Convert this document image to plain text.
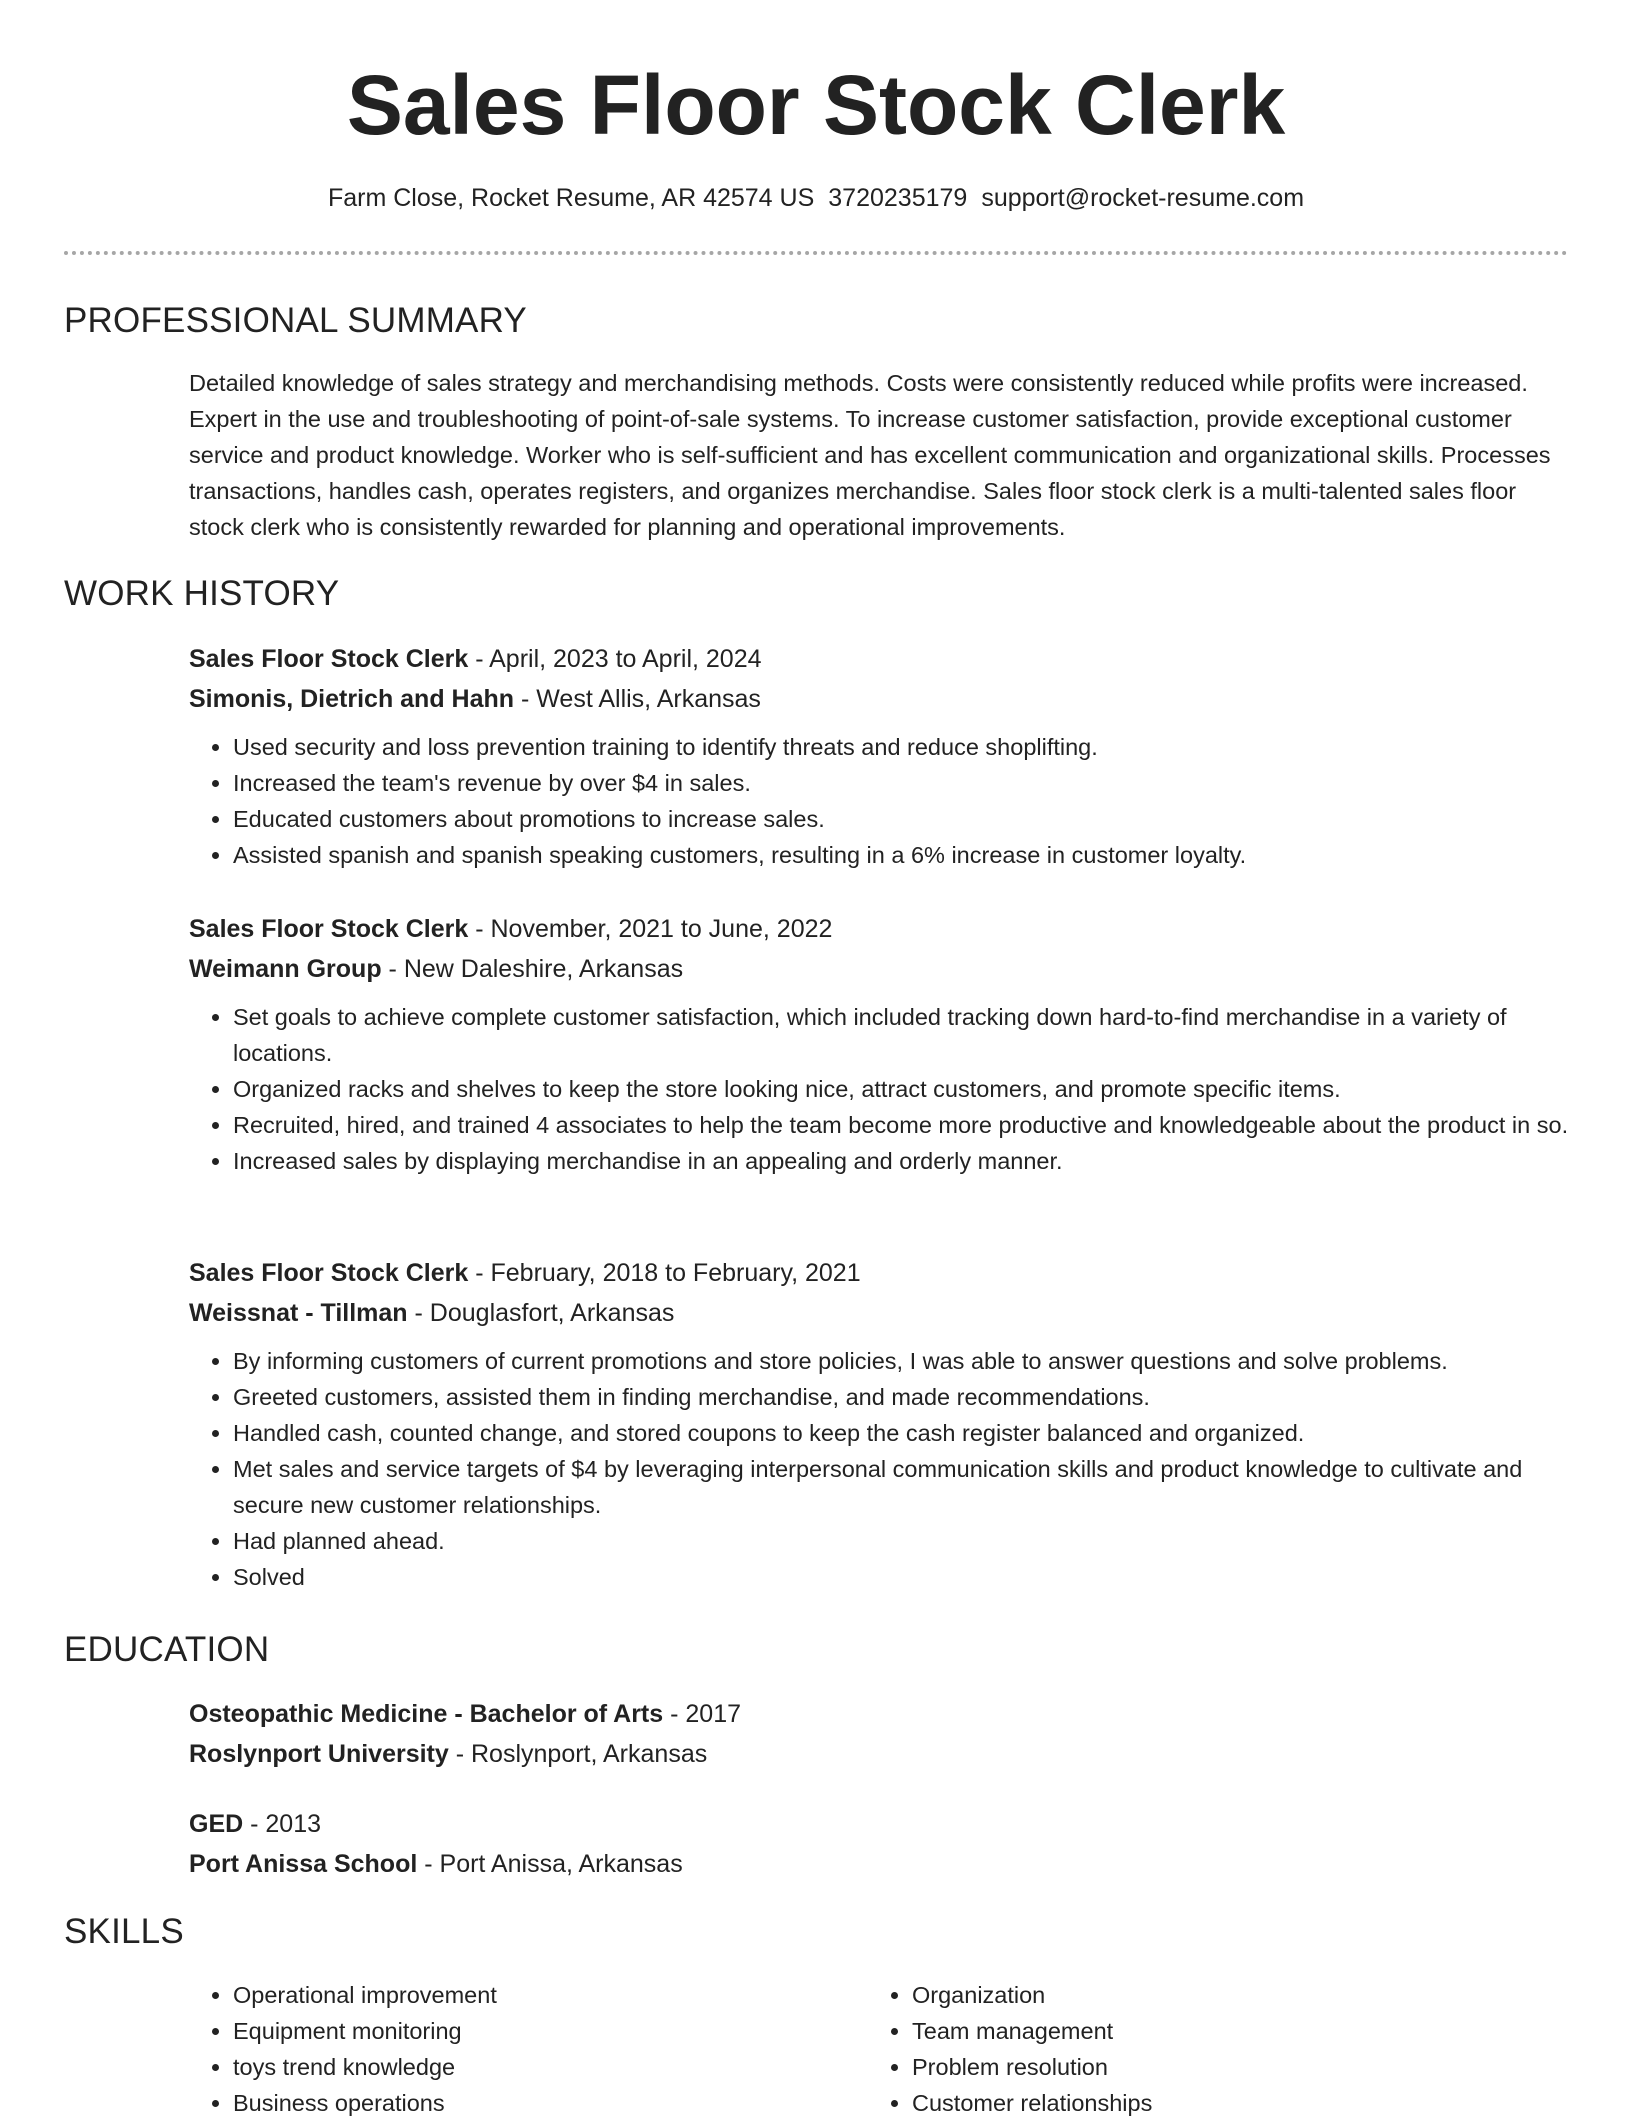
Sales Floor Stock Clerk
Farm Close, Rocket Resume, AR 42574 US 3720235179 support@rocket-resume.com
PROFESSIONAL SUMMARY

Detailed knowledge of sales strategy and merchandising methods. Costs were consistently reduced while profits were increased. Expert in the use and troubleshooting of point-of-sale systems. To increase customer satisfaction, provide exceptional customer service and product knowledge. Worker who is self-sufficient and has excellent communication and organizational skills. Processes transactions, handles cash, operates registers, and organizes merchandise. Sales floor stock clerk is a multi-talented sales floor stock clerk who is consistently rewarded for planning and operational improvements.

WORK HISTORY
Sales Floor Stock Clerk - April, 2023 to April, 2024
Simonis, Dietrich and Hahn - West Allis, Arkansas
• Used security and loss prevention training to identify threats and reduce shoplifting.
• Increased the team's revenue by over $4 in sales.
• Educated customers about promotions to increase sales.
• Assisted spanish and spanish speaking customers, resulting in a 6% increase in customer loyalty.
Sales Floor Stock Clerk - November, 2021 to June, 2022
Weimann Group - New Daleshire, Arkansas
• Set goals to achieve complete customer satisfaction, which included tracking down hard-to-find merchandise in a variety of locations.
• Organized racks and shelves to keep the store looking nice, attract customers, and promote specific items.
• Recruited, hired, and trained 4 associates to help the team become more productive and knowledgeable about the product in so.
• Increased sales by displaying merchandise in an appealing and orderly manner.
Sales Floor Stock Clerk - February, 2018 to February, 2021
Weissnat - Tillman - Douglasfort, Arkansas
• By informing customers of current promotions and store policies, I was able to answer questions and solve problems.
• Greeted customers, assisted them in finding merchandise, and made recommendations.
• Handled cash, counted change, and stored coupons to keep the cash register balanced and organized.
• Met sales and service targets of $4 by leveraging interpersonal communication skills and product knowledge to cultivate and secure new customer relationships.
• Had planned ahead.
• Solved
EDUCATION
Osteopathic Medicine - Bachelor of Arts - 2017
Roslynport University - Roslynport, Arkansas
GED - 2013
Port Anissa School - Port Anissa, Arkansas
SKILLS
• Operational improvement
• Equipment monitoring
• toys trend knowledge
• Business operations
• Organization
• Team management
• Problem resolution
• Customer relationships
